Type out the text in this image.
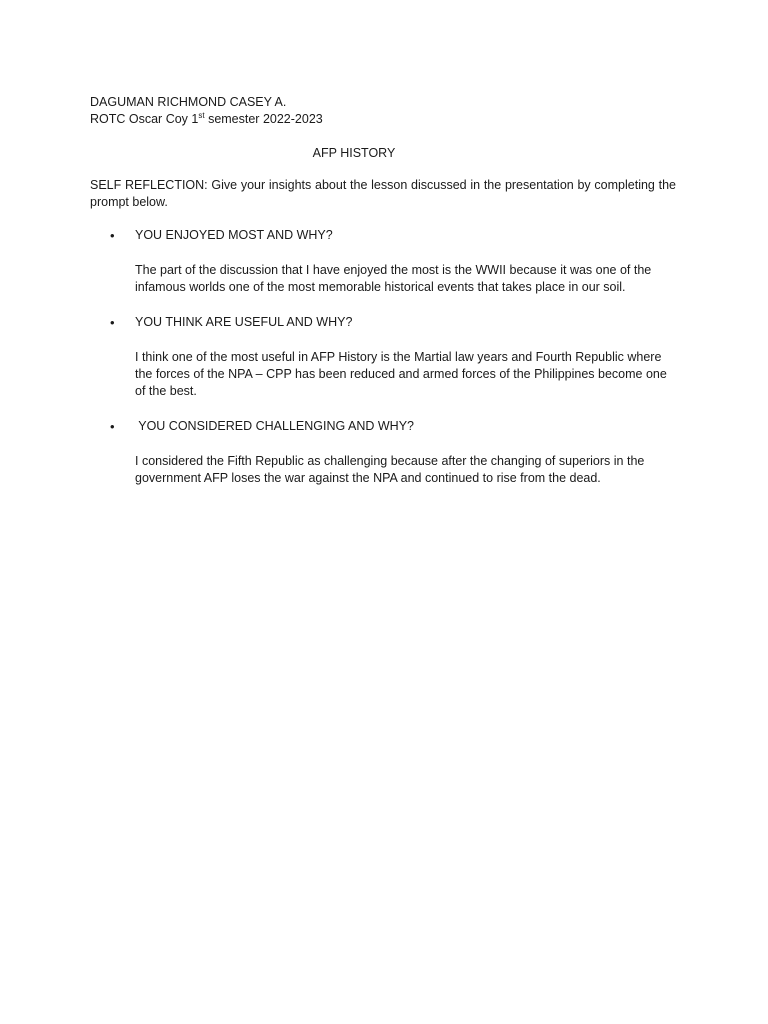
DAGUMAN RICHMOND CASEY A.
ROTC Oscar Coy 1st semester 2022-2023
AFP HISTORY
SELF REFLECTION: Give your insights about the lesson discussed in the presentation by completing the prompt below.
• YOU ENJOYED MOST AND WHY?
The part of the discussion that I have enjoyed the most is the WWII because it was one of the infamous worlds one of the most memorable historical events that takes place in our soil.
• YOU THINK ARE USEFUL AND WHY?
I think one of the most useful in AFP History is the Martial law years and Fourth Republic where the forces of the NPA – CPP has been reduced and armed forces of the Philippines become one of the best.
• YOU CONSIDERED CHALLENGING AND WHY?
I considered the Fifth Republic as challenging because after the changing of superiors in the government AFP loses the war against the NPA and continued to rise from the dead.
